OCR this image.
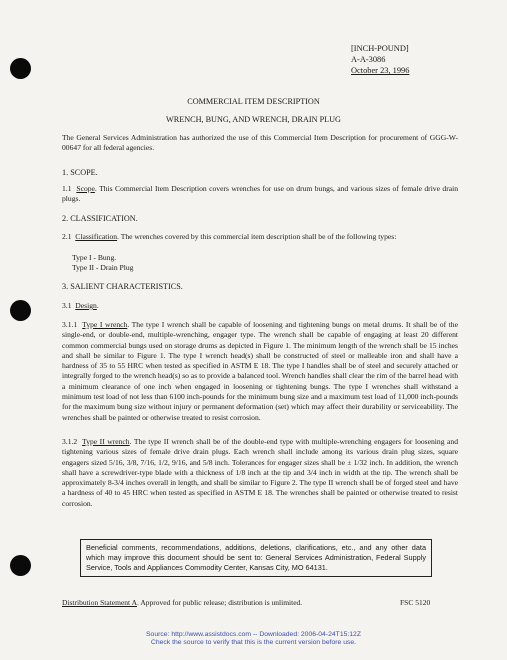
[INCH-POUND]
A-A-3086
October 23, 1996
COMMERCIAL ITEM DESCRIPTION
WRENCH, BUNG, AND WRENCH, DRAIN PLUG
The General Services Administration has authorized the use of this Commercial Item Description for procurement of GGG-W-00647 for all federal agencies.
1. SCOPE.
1.1 Scope. This Commercial Item Description covers wrenches for use on drum bungs, and various sizes of female drive drain plugs.
2. CLASSIFICATION.
2.1 Classification. The wrenches covered by this commercial item description shall be of the following types:
Type I - Bung.
Type II - Drain Plug
3. SALIENT CHARACTERISTICS.
3.1 Design.
3.1.1 Type I wrench. The type I wrench shall be capable of loosening and tightening bungs on metal drums. It shall be of the single-end, or double-end, multiple-wrenching, engager type. The wrench shall be capable of engaging at least 20 different common commercial bungs used on storage drums as depicted in Figure 1. The minimum length of the wrench shall be 15 inches and shall be similar to Figure 1. The type I wrench head(s) shall be constructed of steel or malleable iron and shall have a hardness of 35 to 55 HRC when tested as specified in ASTM E 18. The type I handles shall be of steel and securely attached or integrally forged to the wrench head(s) so as to provide a balanced tool. Wrench handles shall clear the rim of the barrel head with a minimum clearance of one inch when engaged in loosening or tightening bungs. The type I wrenches shall withstand a minimum test load of not less than 6100 inch-pounds for the minimum bung size and a maximum test load of 11,000 inch-pounds for the maximum bung size without injury or permanent deformation (set) which may affect their durability or serviceability. The wrenches shall be painted or otherwise treated to resist corrosion.
3.1.2 Type II wrench. The type II wrench shall be of the double-end type with multiple-wrenching engagers for loosening and tightening various sizes of female drive drain plugs. Each wrench shall include among its various drain plug sizes, square engagers sized 5/16, 3/8, 7/16, 1/2, 9/16, and 5/8 inch. Tolerances for engager sizes shall be ± 1/32 inch. In addition, the wrench shall have a screwdriver-type blade with a thickness of 1/8 inch at the tip and 3/4 inch in width at the tip. The wrench shall be approximately 8-3/4 inches overall in length, and shall be similar to Figure 2. The type II wrench shall be of forged steel and have a hardness of 40 to 45 HRC when tested as specified in ASTM E 18. The wrenches shall be painted or otherwise treated to resist corrosion.
Beneficial comments, recommendations, additions, deletions, clarifications, etc., and any other data which may improve this document should be sent to: General Services Administration, Federal Supply Service, Tools and Appliances Commodity Center, Kansas City, MO 64131.
Distribution Statement A. Approved for public release; distribution is unlimited.	FSC 5120
Source: http://www.assistdocs.com -- Downloaded: 2006-04-24T15:12Z
Check the source to verify that this is the current version before use.
